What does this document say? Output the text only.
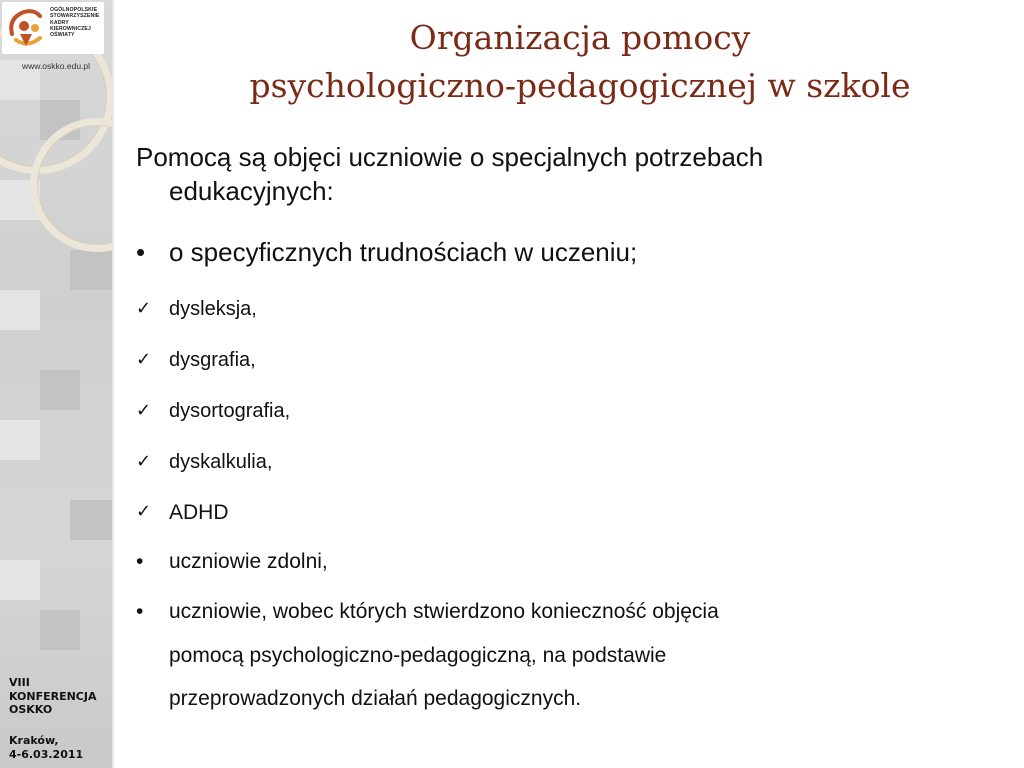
OGÓLNOPOLSKIE
STOWARZYSZENIE
KADRY
KIEROWNICZEJ
OŚWIATY
www.oskko.edu.pl
VIII
KONFERENCJA
OSKKO
Kraków,
4-6.03.2011
Organizacja pomocy
psychologiczno-pedagogicznej w szkole
Pomocą są objęci uczniowie o specjalnych potrzebach
edukacyjnych:
• o specyficznych trudnościach w uczeniu;
✓ dysleksja,
✓ dysgrafia,
✓ dysortografia,
✓ dyskalkulia,
✓ ADHD
• uczniowie zdolni,
• uczniowie, wobec których stwierdzono konieczność objęcia
pomocą psychologiczno-pedagogiczną, na podstawie
przeprowadzonych działań pedagogicznych.
